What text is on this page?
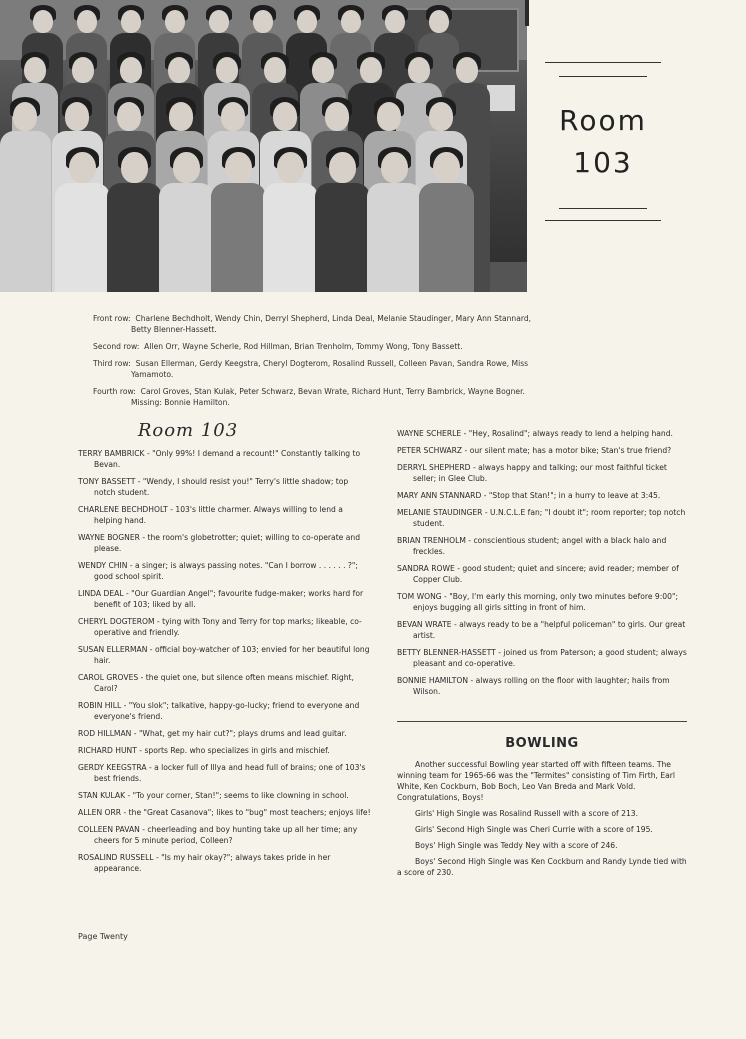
Room
103
Front row: Charlene Bechdholt, Wendy Chin, Derryl Shepherd, Linda Deal, Melanie Staudinger, Mary Ann Stannard, Betty Blenner-Hassett.
Second row: Allen Orr, Wayne Scherle, Rod Hillman, Brian Trenholm, Tommy Wong, Tony Bassett.
Third row: Susan Ellerman, Gerdy Keegstra, Cheryl Dogterom, Rosalind Russell, Colleen Pavan, Sandra Rowe, Miss Yamamoto.
Fourth row: Carol Groves, Stan Kulak, Peter Schwarz, Bevan Wrate, Richard Hunt, Terry Bambrick, Wayne Bogner. Missing: Bonnie Hamilton.
Room 103
TERRY BAMBRICK - "Only 99%! I demand a recount!" Constantly talking to Bevan.
TONY BASSETT - "Wendy, I should resist you!" Terry's little shadow; top notch student.
CHARLENE BECHDHOLT - 103's little charmer. Always willing to lend a helping hand.
WAYNE BOGNER - the room's globetrotter; quiet; willing to co-operate and please.
WENDY CHIN - a singer; is always passing notes. "Can I borrow . . . . . . ?"; good school spirit.
LINDA DEAL - "Our Guardian Angel"; favourite fudge-maker; works hard for benefit of 103; liked by all.
CHERYL DOGTEROM - tying with Tony and Terry for top marks; likeable, co-operative and friendly.
SUSAN ELLERMAN - official boy-watcher of 103; envied for her beautiful long hair.
CAROL GROVES - the quiet one, but silence often means mischief. Right, Carol?
ROBIN HILL - "You slok"; talkative, happy-go-lucky; friend to everyone and everyone's friend.
ROD HILLMAN - "What, get my hair cut?"; plays drums and lead guitar.
RICHARD HUNT - sports Rep. who specializes in girls and mischief.
GERDY KEEGSTRA - a locker full of Illya and head full of brains; one of 103's best friends.
STAN KULAK - "To your corner, Stan!"; seems to like clowning in school.
ALLEN ORR - the "Great Casanova"; likes to "bug" most teachers; enjoys life!
COLLEEN PAVAN - cheerleading and boy hunting take up all her time; any cheers for 5 minute period, Colleen?
ROSALIND RUSSELL - "Is my hair okay?"; always takes pride in her appearance.
WAYNE SCHERLE - "Hey, Rosalind"; always ready to lend a helping hand.
PETER SCHWARZ - our silent mate; has a motor bike; Stan's true friend?
DERRYL SHEPHERD - always happy and talking; our most faithful ticket seller; in Glee Club.
MARY ANN STANNARD - "Stop that Stan!"; in a hurry to leave at 3:45.
MELANIE STAUDINGER - U.N.C.L.E fan; "I doubt it"; room reporter; top notch student.
BRIAN TRENHOLM - conscientious student; angel with a black halo and freckles.
SANDRA ROWE - good student; quiet and sincere; avid reader; member of Copper Club.
TOM WONG - "Boy, I'm early this morning, only two minutes before 9:00"; enjoys bugging all girls sitting in front of him.
BEVAN WRATE - always ready to be a "helpful policeman" to girls. Our great artist.
BETTY BLENNER-HASSETT - joined us from Paterson; a good student; always pleasant and co-operative.
BONNIE HAMILTON - always rolling on the floor with laughter; hails from Wilson.
BOWLING
Another successful Bowling year started off with fifteen teams. The winning team for 1965-66 was the "Termites" consisting of Tim Firth, Earl White, Ken Cockburn, Bob Boch, Leo Van Breda and Mark Vold. Congratulations, Boys!
Girls' High Single was Rosalind Russell with a score of 213.
Girls' Second High Single was Cheri Currie with a score of 195.
Boys' High Single was Teddy Ney with a score of 246.
Boys' Second High Single was Ken Cockburn and Randy Lynde tied with a score of 230.
Page Twenty
